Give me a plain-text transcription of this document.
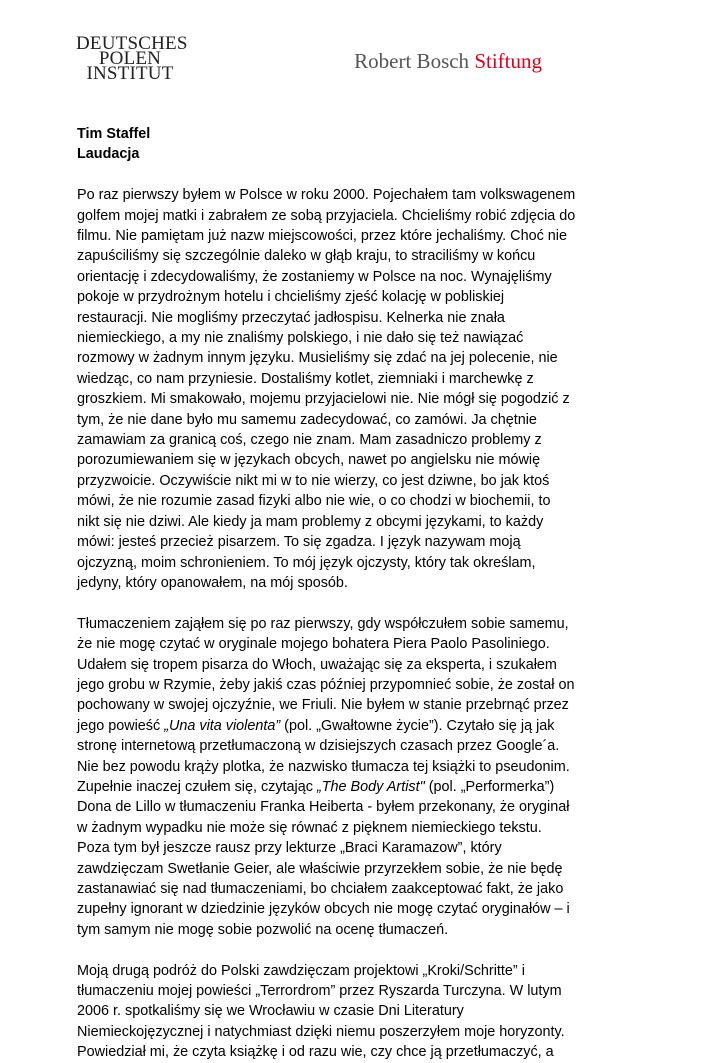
DEUTSCHES
POLEN
INSTITUT
Robert Bosch Stiftung

Tim Staffel

Laudacja

Po raz pierwszy byłem w Polsce w roku 2000. Pojechałem tam volkswagenem
golfem mojej matki i zabrałem ze sobą przyjaciela. Chcieliśmy robić zdjęcia do
filmu. Nie pamiętam już nazw miejscowości, przez które jechaliśmy. Choć nie
zapuściliśmy się szczególnie daleko w głąb kraju, to straciliśmy w końcu
orientację i zdecydowaliśmy, że zostaniemy w Polsce na noc. Wynajęliśmy
pokoje w przydrożnym hotelu i chcieliśmy zjeść kolację w pobliskiej
restauracji. Nie mogliśmy przeczytać jadłospisu. Kelnerka nie znała
niemieckiego, a my nie znaliśmy polskiego, i nie dało się też nawiązać
rozmowy w żadnym innym języku. Musieliśmy się zdać na jej polecenie, nie
wiedząc, co nam przyniesie. Dostaliśmy kotlet, ziemniaki i marchewkę z
groszkiem. Mi smakowało, mojemu przyjacielowi nie. Nie mógł się pogodzić z
tym, że nie dane było mu samemu zadecydować, co zamówi. Ja chętnie
zamawiam za granicą coś, czego nie znam. Mam zasadniczo problemy z
porozumiewaniem się w językach obcych, nawet po angielsku nie mówię
przyzwoicie. Oczywiście nikt mi w to nie wierzy, co jest dziwne, bo jak ktoś
mówi, że nie rozumie zasad fizyki albo nie wie, o co chodzi w biochemii, to
nikt się nie dziwi. Ale kiedy ja mam problemy z obcymi językami, to każdy
mówi: jesteś przecież pisarzem. To się zgadza. I język nazywam moją
ojczyzną, moim schronieniem. To mój język ojczysty, który tak określam,
jedyny, który opanowałem, na mój sposób.

Tłumaczeniem zająłem się po raz pierwszy, gdy współczułem sobie samemu,
że nie mogę czytać w oryginale mojego bohatera Piera Paolo Pasoliniego.
Udałem się tropem pisarza do Włoch, uważając się za eksperta, i szukałem
jego grobu w Rzymie, żeby jakiś czas później przypomnieć sobie, że został on
pochowany w swojej ojczyźnie, we Friuli. Nie byłem w stanie przebrnąć przez
jego powieść „Una vita violenta” (pol. „Gwałtowne życie”). Czytało się ją jak
stronę internetową przetłumaczoną w dzisiejszych czasach przez Google´a.
Nie bez powodu krąży plotka, że nazwisko tłumacza tej książki to pseudonim.
Zupełnie inaczej czułem się, czytając „The Body Artist" (pol. „Performerka”)
Dona de Lillo w tłumaczeniu Franka Heiberta - byłem przekonany, że oryginał
w żadnym wypadku nie może się równać z pięknem niemieckiego tekstu.
Poza tym był jeszcze rausz przy lekturze „Braci Karamazow”, który
zawdzięczam Swetłanie Geier, ale właściwie przyrzekłem sobie, że nie będę
zastanawiać się nad tłumaczeniami, bo chciałem zaakceptować fakt, że jako
zupełny ignorant w dziedzinie języków obcych nie mogę czytać oryginałów – i
tym samym nie mogę sobie pozwolić na ocenę tłumaczeń.

Moją drugą podróż do Polski zawdzięczam projektowi „Kroki/Schritte” i
tłumaczeniu mojej powieści „Terrordrom” przez Ryszarda Turczyna. W lutym
2006 r. spotkaliśmy się we Wrocławiu w czasie Dni Literatury
Niemieckojęzycznej i natychmiast dzięki niemu poszerzyłem moje horyzonty.
Powiedział mi, że czyta książkę i od razu wie, czy chce ją przetłumaczyć, a
